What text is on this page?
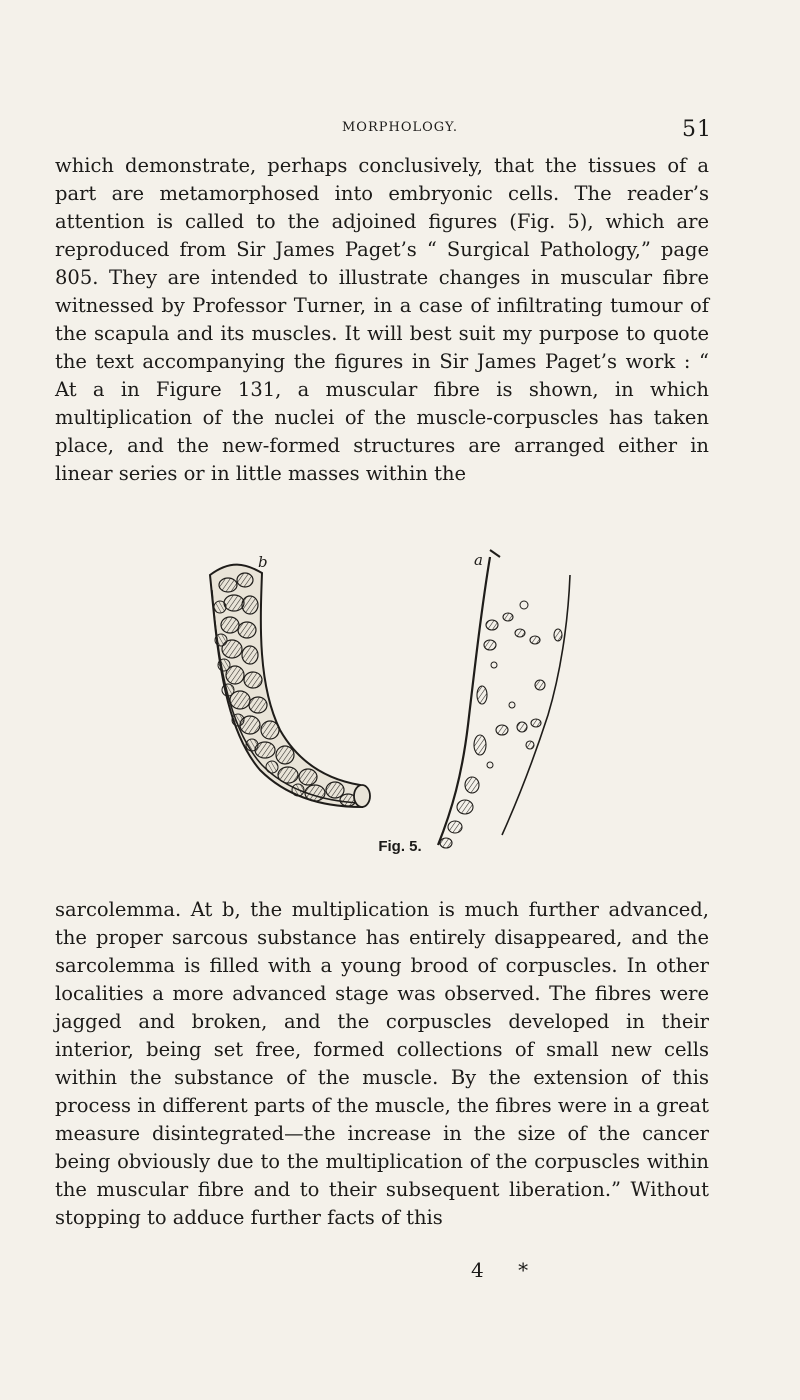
MORPHOLOGY.	51

which demonstrate, perhaps conclusively, that the tissues of a part are metamorphosed into embryonic cells. The reader’s attention is called to the adjoined figures (Fig. 5), which are reproduced from Sir James Paget’s “ Surgical Pathology,” page 805. They are intended to illustrate changes in muscular fibre witnessed by Professor Turner, in a case of infiltrating tumour of the scapula and its muscles. It will best suit my purpose to quote the text accompanying the figures in Sir James Paget’s work : “ At a in Figure 131, a muscular fibre is shown, in which multiplication of the nuclei of the muscle-corpuscles has taken place, and the new-formed structures are arranged either in linear series or in little masses within the

b	a
Fig. 5.

sarcolemma. At b, the multiplication is much further advanced, the proper sarcous substance has entirely disappeared, and the sarcolemma is filled with a young brood of corpuscles. In other localities a more advanced stage was observed. The fibres were jagged and broken, and the corpuscles developed in their interior, being set free, formed collections of small new cells within the substance of the muscle. By the extension of this process in different parts of the muscle, the fibres were in a great measure disintegrated—the increase in the size of the cancer being obviously due to the multiplication of the corpuscles within the muscular fibre and to their subsequent liberation.” Without stopping to adduce further facts of this

4 *
